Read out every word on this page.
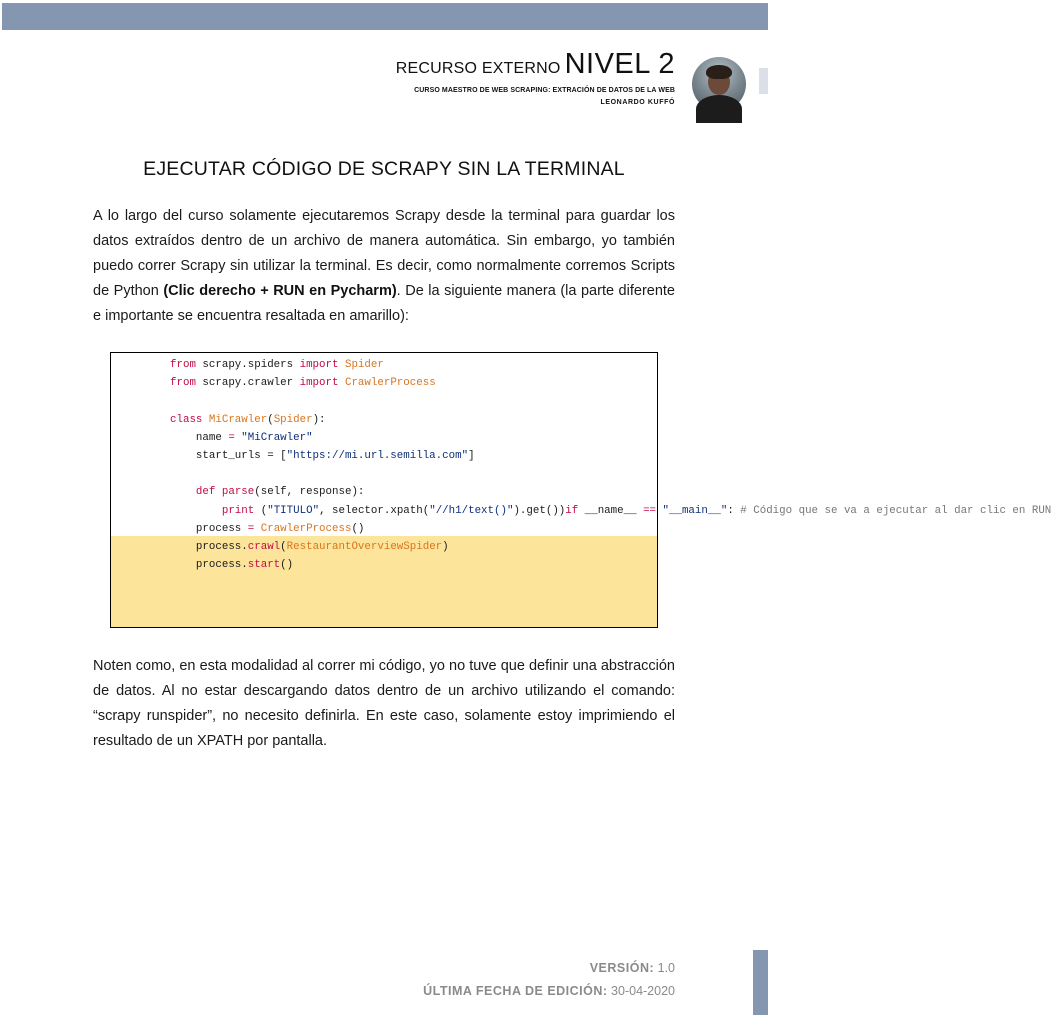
RECURSO EXTERNO NIVEL 2
CURSO MAESTRO DE WEB SCRAPING: EXTRACIÓN DE DATOS DE LA WEB
LEONARDO KUFFÓ
EJECUTAR CÓDIGO DE SCRAPY SIN LA TERMINAL

A lo largo del curso solamente ejecutaremos Scrapy desde la terminal para guardar los datos extraídos dentro de un archivo de manera automática. Sin embargo, yo también puedo correr Scrapy sin utilizar la terminal. Es decir, como normalmente corremos Scripts de Python (Clic derecho + RUN en Pycharm). De la siguiente manera (la parte diferente e importante se encuentra resaltada en amarillo):

from scrapy.spiders import Spider
from scrapy.crawler import CrawlerProcess

class MiCrawler(Spider):
name = "MiCrawler"
start_urls = ["https://mi.url.semilla.com"]

def parse(self, response):
print ("TITULO", selector.xpath("//h1/text()").get())if __name__ == "__main__": # Código que se va a ejecutar al dar clic en RUN
process = CrawlerProcess()
process.crawl(RestaurantOverviewSpider)
process.start()

Noten como, en esta modalidad al correr mi código, yo no tuve que definir una abstracción de datos. Al no estar descargando datos dentro de un archivo utilizando el comando: “scrapy runspider”, no necesito definirla. En este caso, solamente estoy imprimiendo el resultado de un XPATH por pantalla.

VERSIÓN: 1.0
ÚLTIMA FECHA DE EDICIÓN: 30-04-2020
